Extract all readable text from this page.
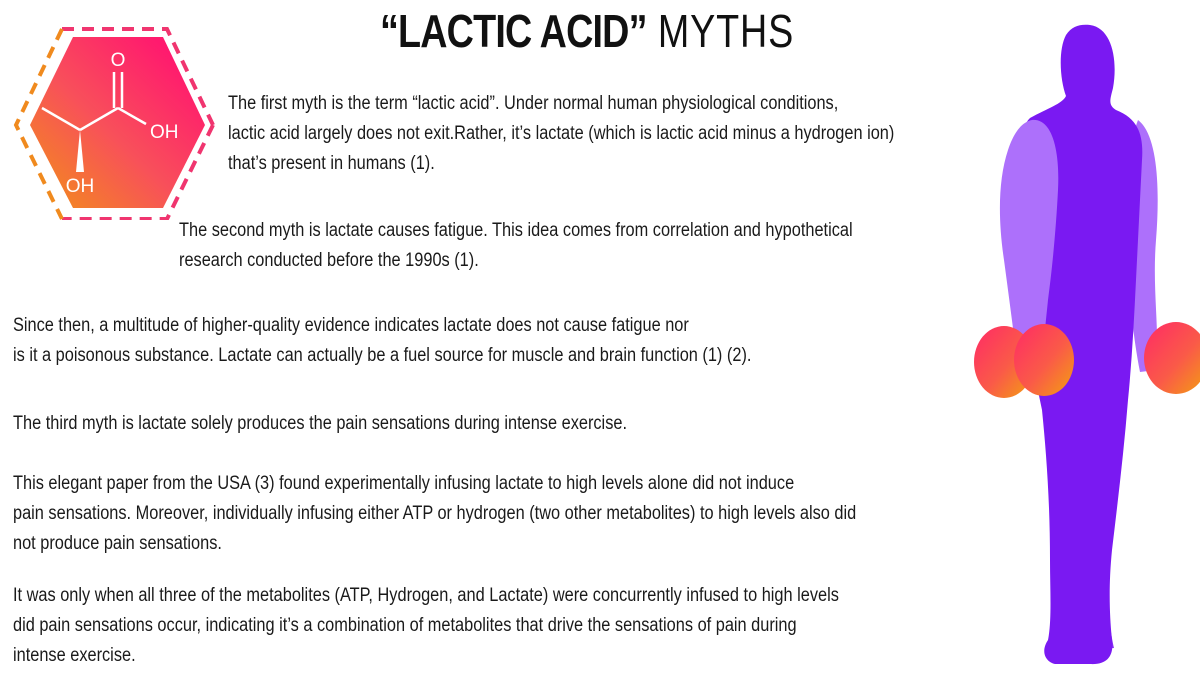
“LACTIC ACID” MYTHS
O
OH
OH
The first myth is the term “lactic acid”. Under normal human physiological conditions,
lactic acid largely does not exit.Rather, it’s lactate (which is lactic acid minus a hydrogen ion)
that’s present in humans (1).
The second myth is lactate causes fatigue. This idea comes from correlation and hypothetical
research conducted before the 1990s (1).
Since then, a multitude of higher-quality evidence indicates lactate does not cause fatigue nor
is it a poisonous substance. Lactate can actually be a fuel source for muscle and brain function (1) (2).
The third myth is lactate solely produces the pain sensations during intense exercise.
This elegant paper from the USA (3) found experimentally infusing lactate to high levels alone did not induce
pain sensations. Moreover, individually infusing either ATP or hydrogen (two other metabolites) to high levels also did
not produce pain sensations.
It was only when all three of the metabolites (ATP, Hydrogen, and Lactate) were concurrently infused to high levels
did pain sensations occur, indicating it’s a combination of metabolites that drive the sensations of pain during
intense exercise.
